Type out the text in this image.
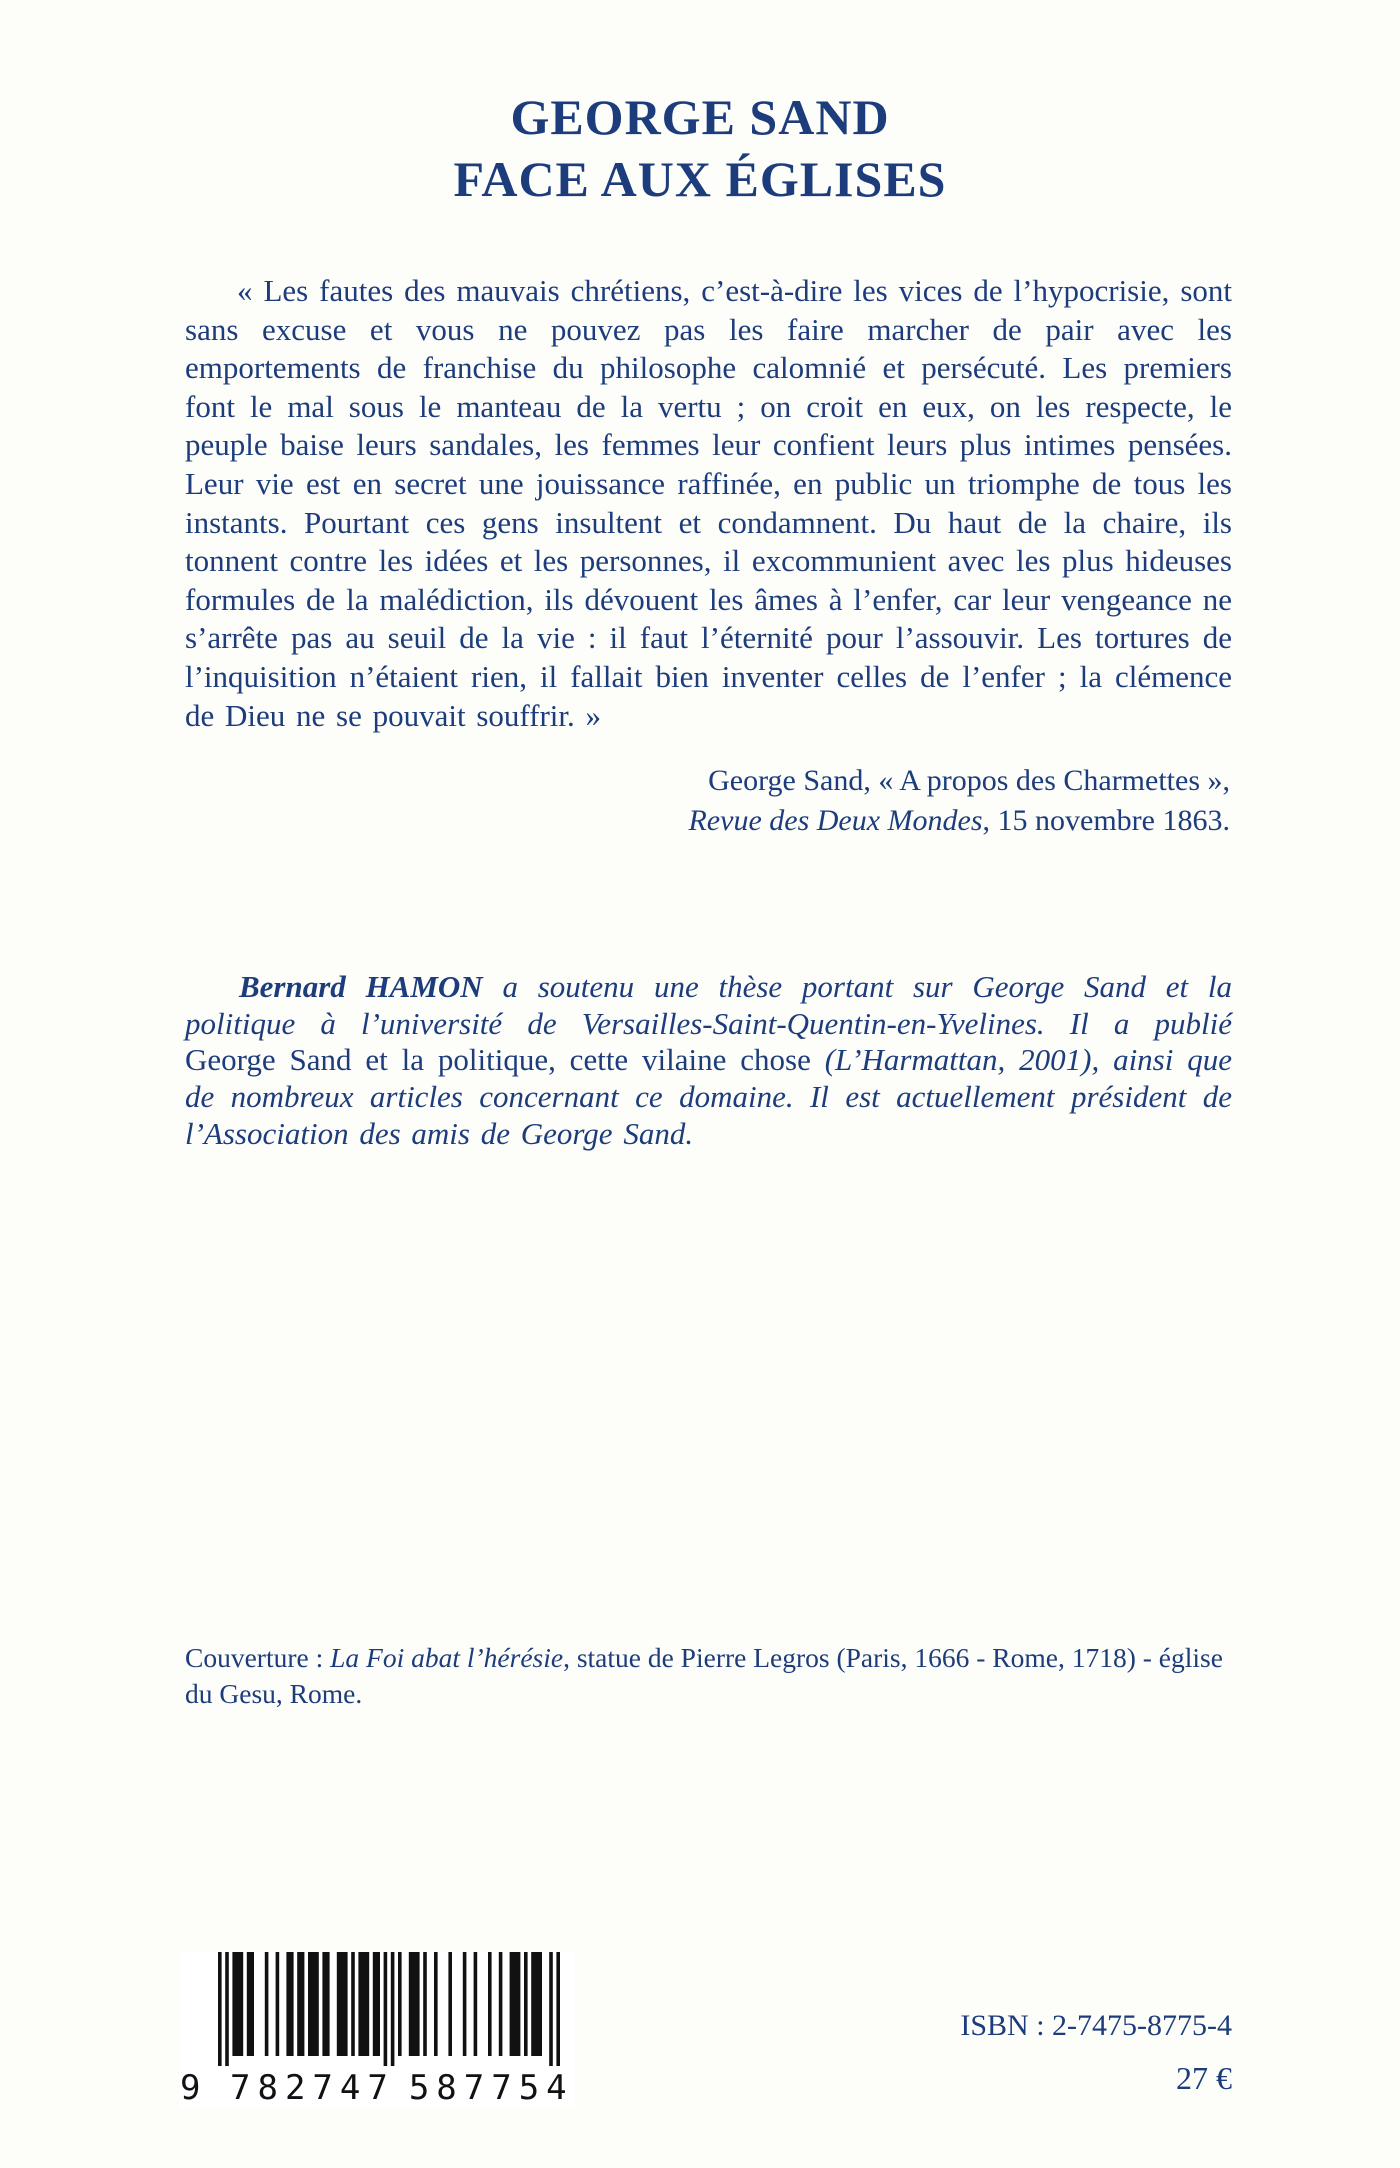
GEORGE SAND
FACE AUX ÉGLISES

« Les fautes des mauvais chrétiens, c’est-à-dire les vices de l’hypocrisie, sont sans excuse et vous ne pouvez pas les faire marcher de pair avec les emportements de franchise du philosophe calomnié et persécuté. Les premiers font le mal sous le manteau de la vertu ; on croit en eux, on les respecte, le peuple baise leurs sandales, les femmes leur confient leurs plus intimes pensées. Leur vie est en secret une jouissance raffinée, en public un triomphe de tous les instants. Pourtant ces gens insultent et condamnent. Du haut de la chaire, ils tonnent contre les idées et les personnes, il excommunient avec les plus hideuses formules de la malédiction, ils dévouent les âmes à l’enfer, car leur vengeance ne s’arrête pas au seuil de la vie : il faut l’éternité pour l’assouvir. Les tortures de l’inquisition n’étaient rien, il fallait bien inventer celles de l’enfer ; la clémence de Dieu ne se pouvait souffrir. »

George Sand, « A propos des Charmettes »,
Revue des Deux Mondes, 15 novembre 1863.

Bernard HAMON a soutenu une thèse portant sur George Sand et la politique à l’université de Versailles-Saint-Quentin-en-Yvelines. Il a publié George Sand et la politique, cette vilaine chose (L’Harmattan, 2001), ainsi que de nombreux articles concernant ce domaine. Il est actuellement président de l’Association des amis de George Sand.

Couverture : La Foi abat l’hérésie, statue de Pierre Legros (Paris, 1666 - Rome, 1718) - église du Gesu, Rome.

9 782747 587754
ISBN : 2-7475-8775-4
27 €
